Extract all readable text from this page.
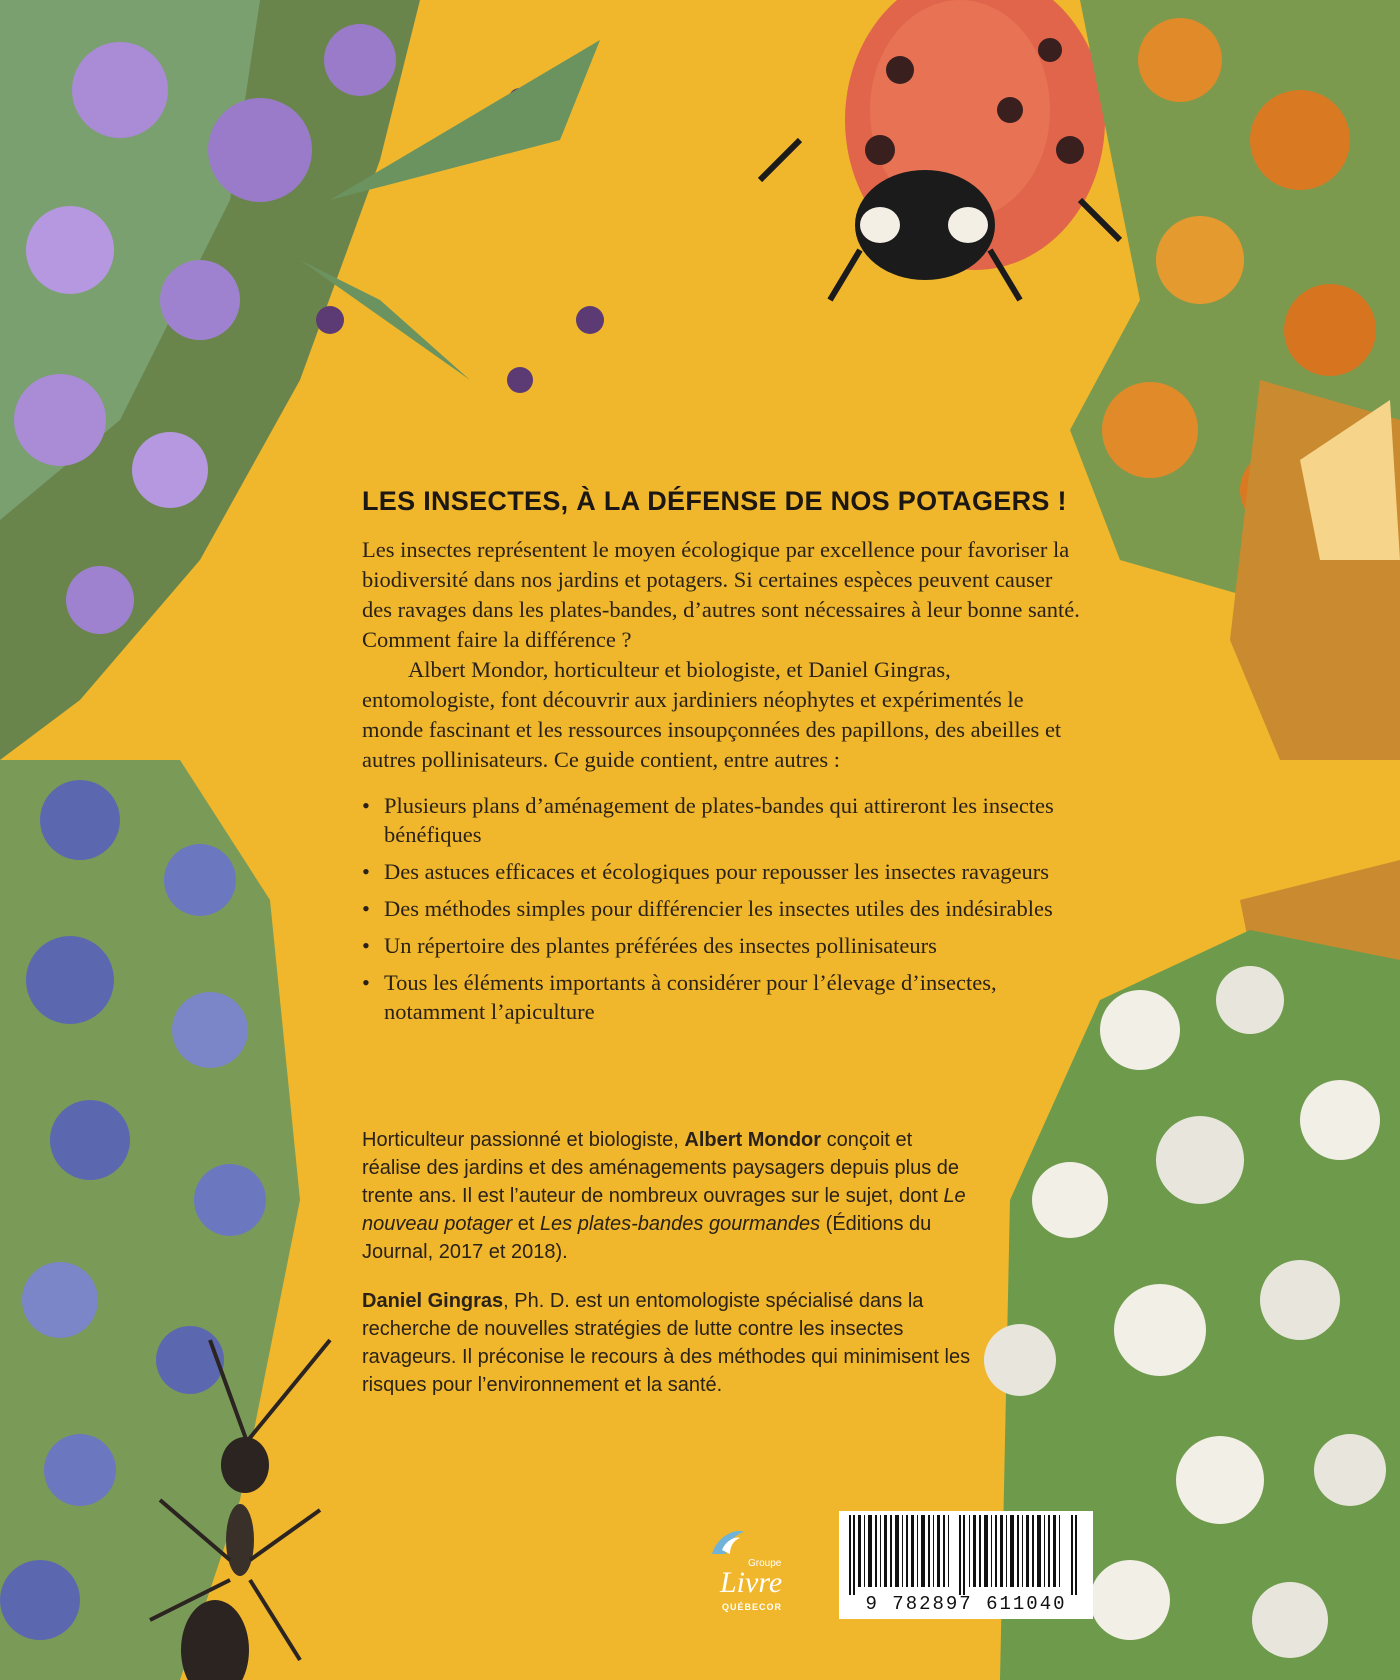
LES INSECTES, À LA DÉFENSE DE NOS POTAGERS !

Les insectes représentent le moyen écologique par excellence pour favoriser la biodiversité dans nos jardins et potagers. Si certaines espèces peuvent causer des ravages dans les plates-bandes, d’autres sont nécessaires à leur bonne santé. Comment faire la différence ?

Albert Mondor, horticulteur et biologiste, et Daniel Gingras, entomologiste, font découvrir aux jardiniers néophytes et expérimentés le monde fascinant et les ressources insoupçonnées des papillons, des abeilles et autres pollinisateurs. Ce guide contient, entre autres :

• Plusieurs plans d’aménagement de plates-bandes qui attireront les insectes bénéfiques
• Des astuces efficaces et écologiques pour repousser les insectes ravageurs
• Des méthodes simples pour différencier les insectes utiles des indésirables
• Un répertoire des plantes préférées des insectes pollinisateurs
• Tous les éléments importants à considérer pour l’élevage d’insectes, notamment l’apiculture

Horticulteur passionné et biologiste, Albert Mondor conçoit et réalise des jardins et des aménagements paysagers depuis plus de trente ans. Il est l’auteur de nombreux ouvrages sur le sujet, dont Le nouveau potager et Les plates-bandes gourmandes (Éditions du Journal, 2017 et 2018).

Daniel Gingras, Ph. D. est un entomologiste spécialisé dans la recherche de nouvelles stratégies de lutte contre les insectes ravageurs. Il préconise le recours à des méthodes qui minimisent les risques pour l’environnement et la santé.

Groupe
Livre
QUÉBECOR	9 782897 611040
